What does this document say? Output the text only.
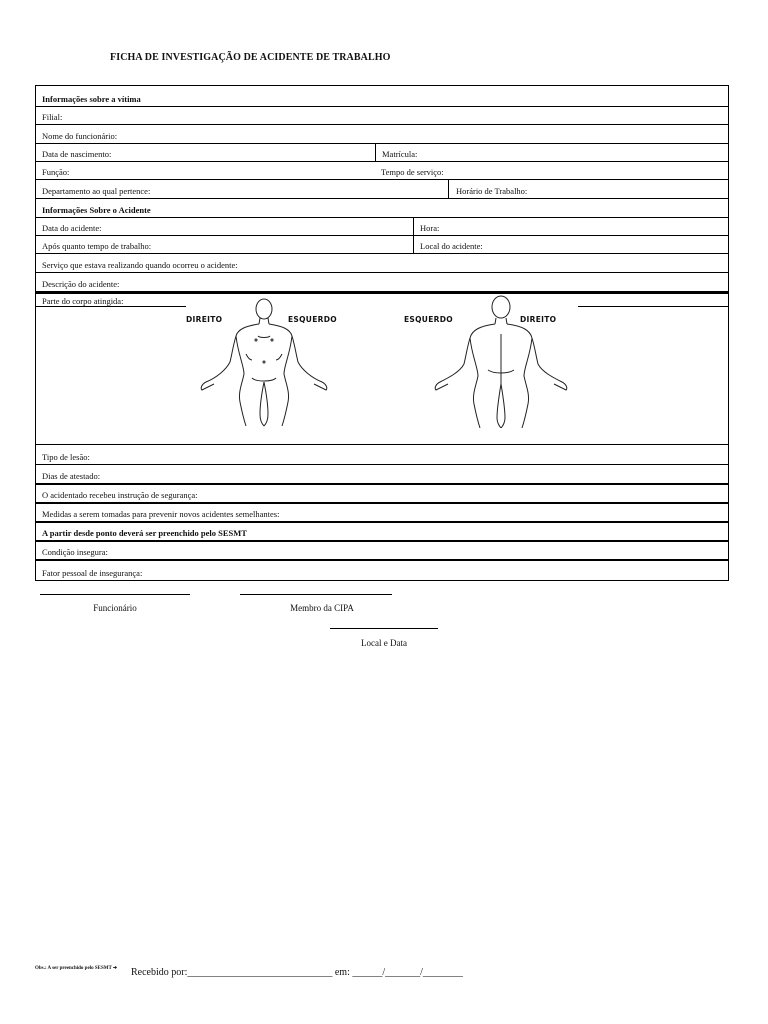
FICHA DE INVESTIGAÇÃO DE ACIDENTE DE TRABALHO
Informações sobre a vítima
Filial:
Nome do funcionário:
Data de nascimento:	Matrícula:
Função:	Tempo de serviço:
Departamento ao qual pertence:	Horário de Trabalho:
Informações Sobre o Acidente
Data do acidente:	Hora:
Após quanto tempo de trabalho:	Local do acidente:
Serviço que estava realizando quando ocorreu o acidente:
Descrição do acidente:
Parte do corpo atingida:
DIREITO	ESQUERDO	ESQUERDO	DIREITO
Tipo de lesão:
Dias de atestado:
O acidentado recebeu instrução de segurança:
Medidas a serem tomadas para prevenir novos acidentes semelhantes:
A partir desde ponto deverá ser preenchido pelo SESMT
Condição insegura:
Fator pessoal de insegurança:
Funcionário	Membro da CIPA
Local e Data
Obs.: A ser preenchido pelo SESMT ➔ Recebido por:_____________________________ em: ______/_______/________
